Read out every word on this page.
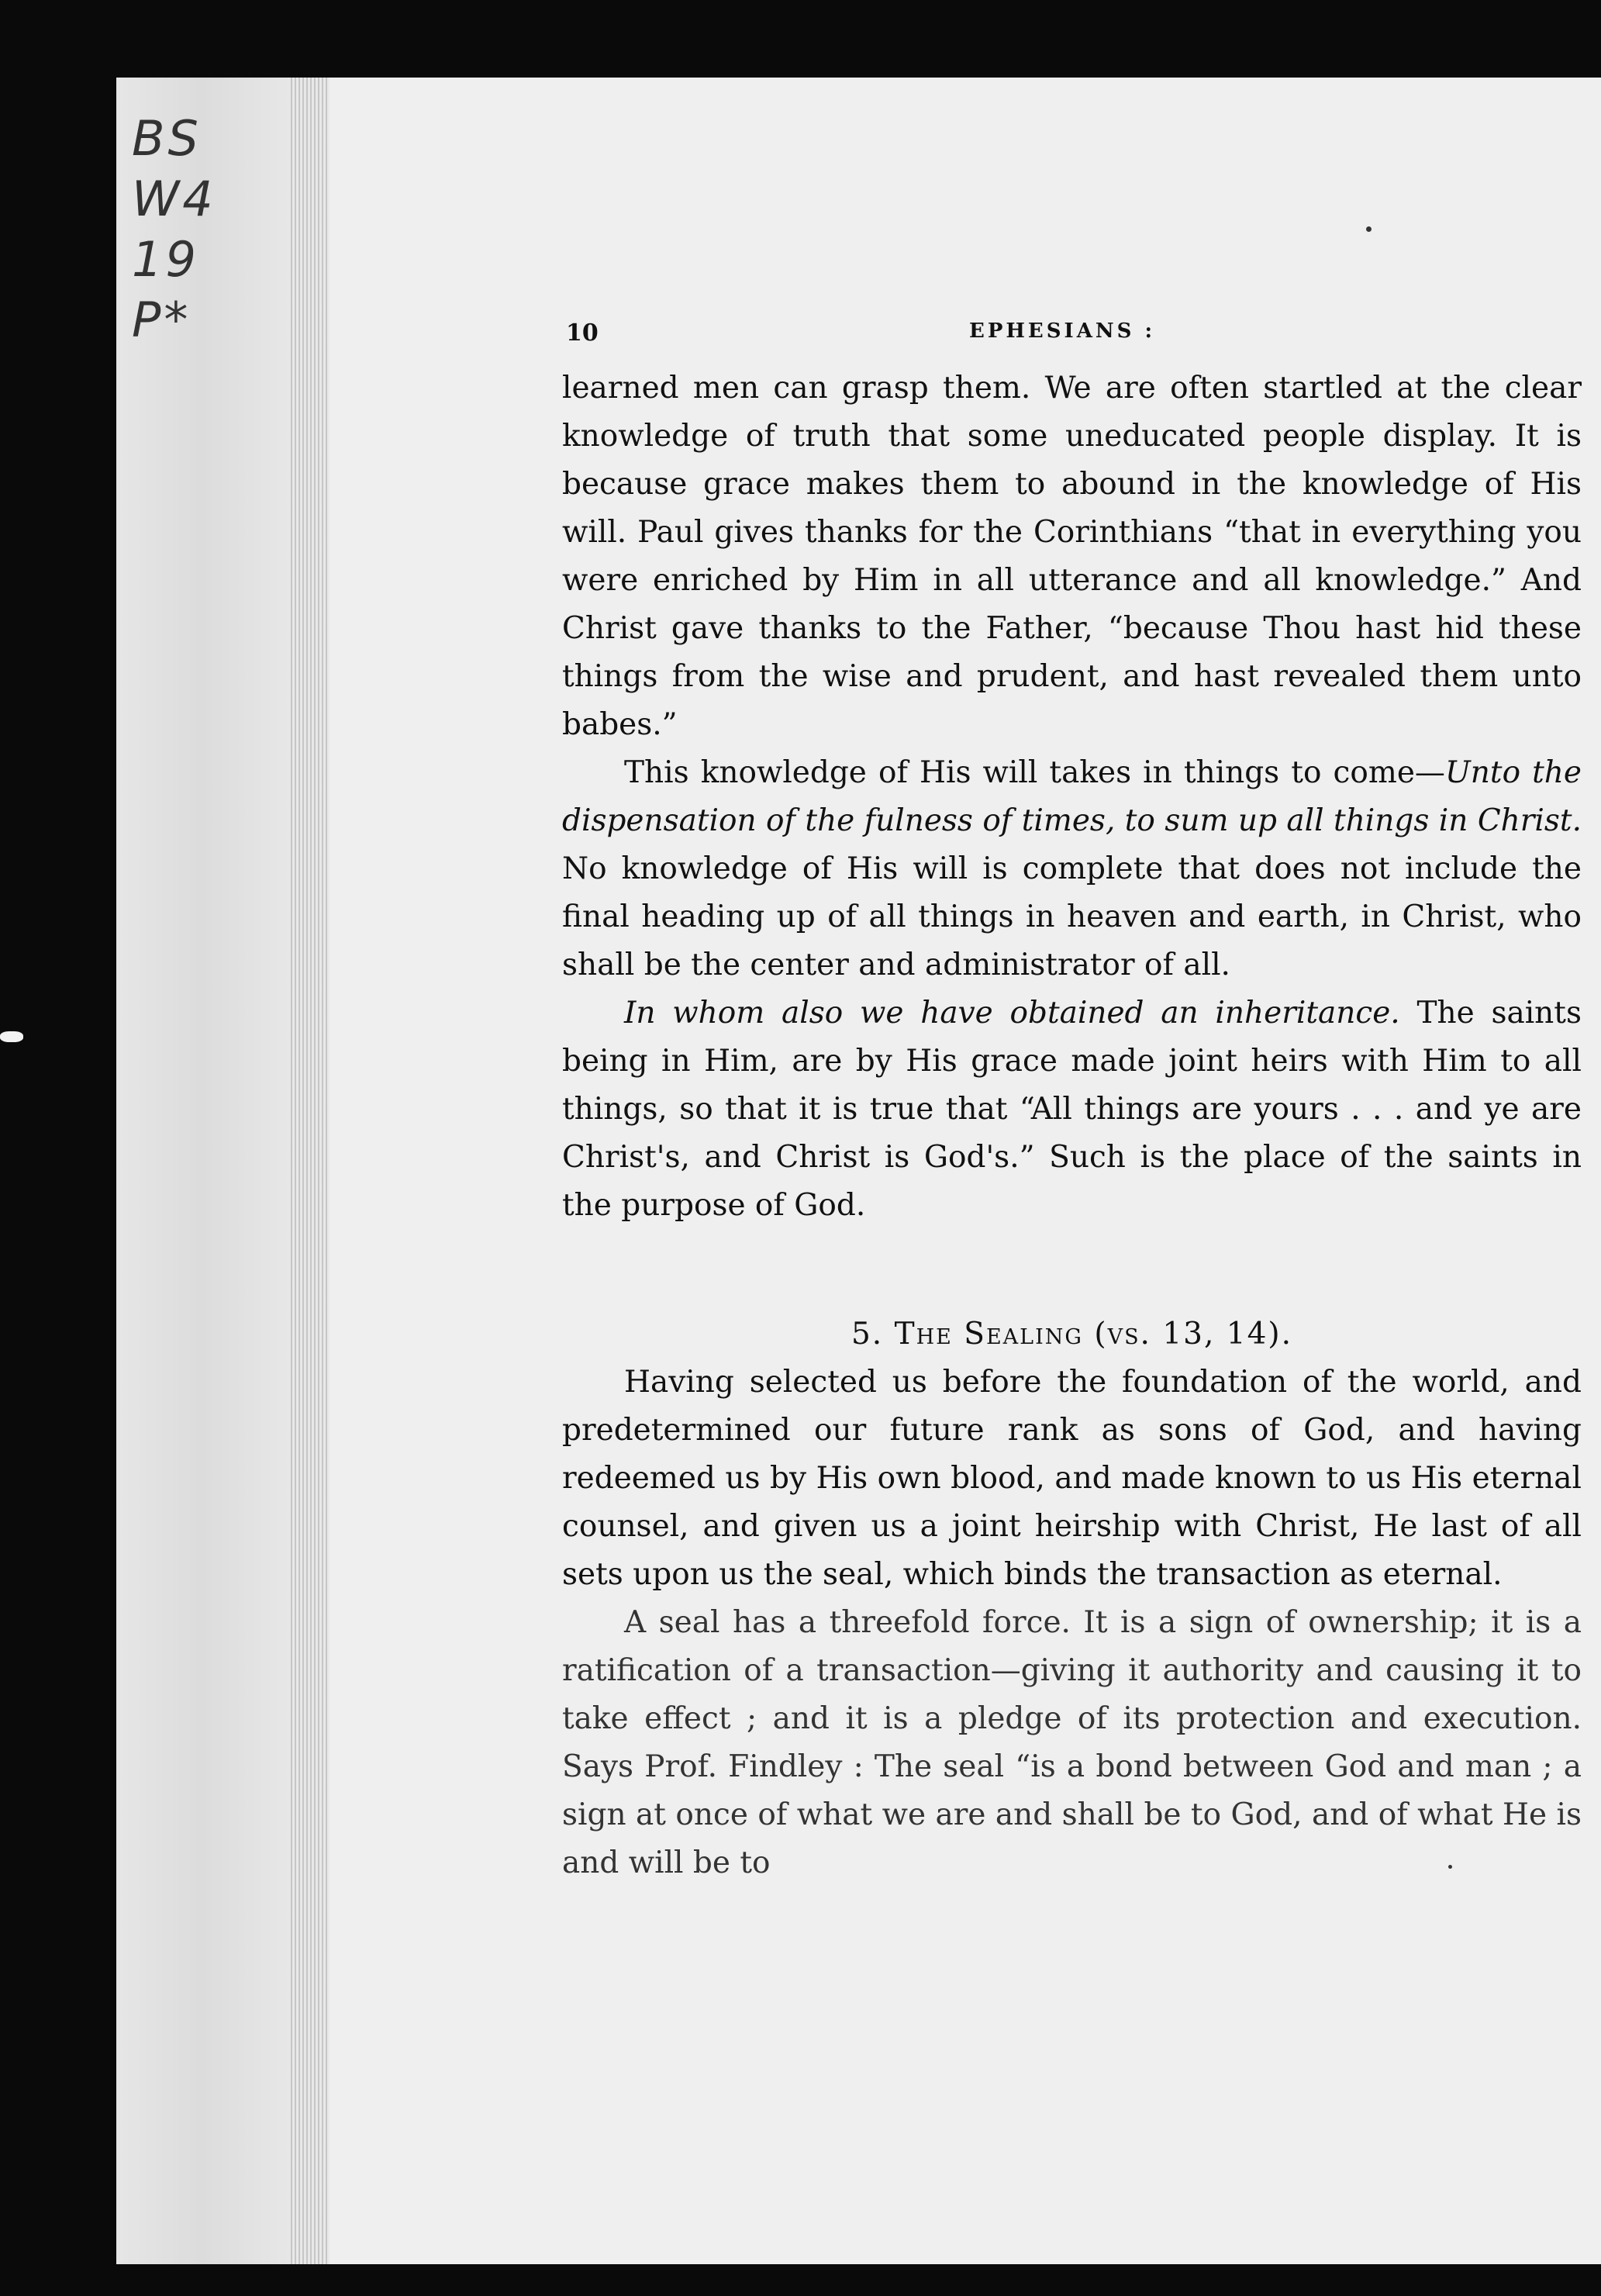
BS
W4
19
P*	10	EPHESIANS :

learned men can grasp them. We are often startled at the clear knowledge of truth that some uneducated people display. It is because grace makes them to abound in the knowledge of His will. Paul gives thanks for the Corinthians “that in everything you were enriched by Him in all utterance and all knowledge.” And Christ gave thanks to the Father, “because Thou hast hid these things from the wise and prudent, and hast revealed them unto babes.”

This knowledge of His will takes in things to come—Unto the dispensation of the fulness of times, to sum up all things in Christ. No knowledge of His will is complete that does not include the final heading up of all things in heaven and earth, in Christ, who shall be the center and administrator of all.

In whom also we have obtained an inheritance. The saints being in Him, are by His grace made joint heirs with Him to all things, so that it is true that “All things are yours . . . and ye are Christ's, and Christ is God's.” Such is the place of the saints in the purpose of God.

5. The Sealing (vs. 13, 14).

Having selected us before the foundation of the world, and predetermined our future rank as sons of God, and having redeemed us by His own blood, and made known to us His eternal counsel, and given us a joint heirship with Christ, He last of all sets upon us the seal, which binds the transaction as eternal.

A seal has a threefold force. It is a sign of ownership; it is a ratification of a transaction—giving it authority and causing it to take effect ; and it is a pledge of its protection and execution. Says Prof. Findley : The seal “is a bond between God and man ; a sign at once of what we are and shall be to God, and of what He is and will be to
